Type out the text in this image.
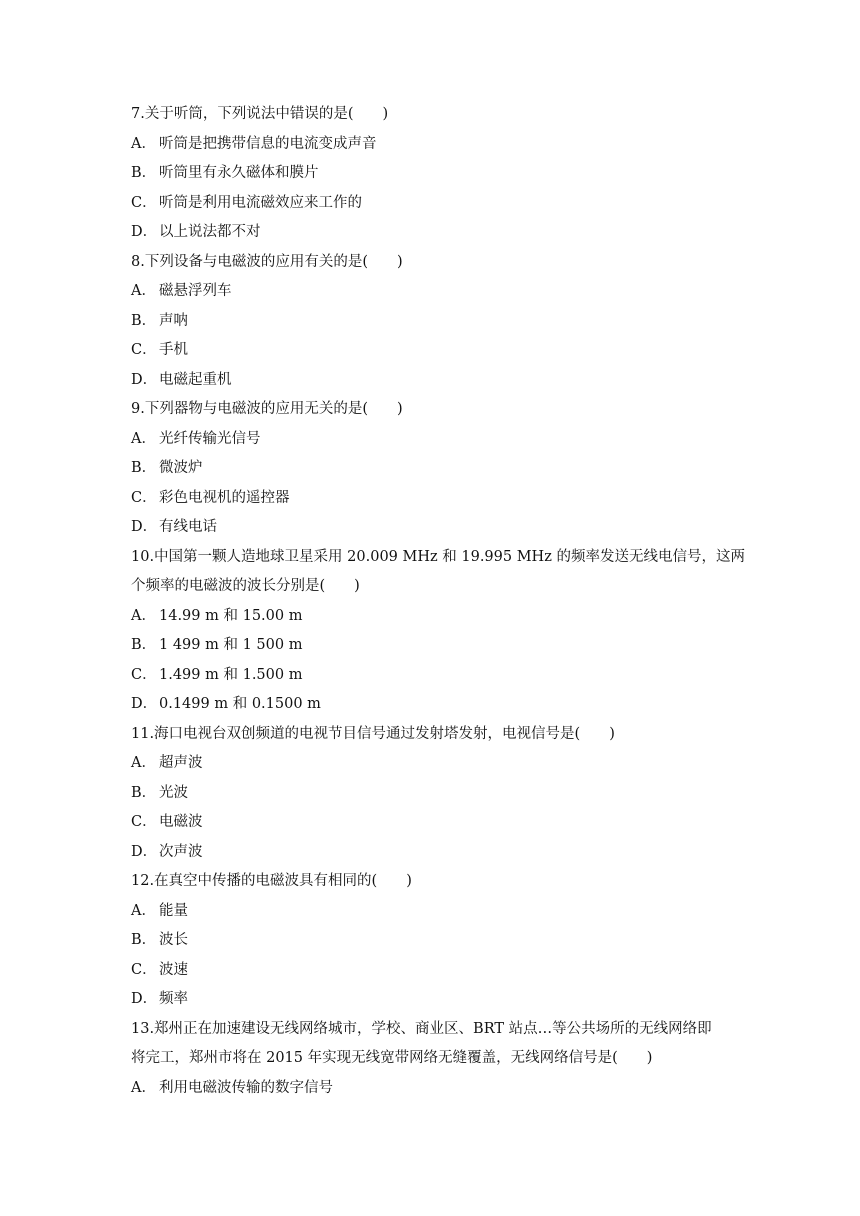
7.关于听筒，下列说法中错误的是(　　)
A． 听筒是把携带信息的电流变成声音
B． 听筒里有永久磁体和膜片
C． 听筒是利用电流磁效应来工作的
D． 以上说法都不对
8.下列设备与电磁波的应用有关的是(　　)
A． 磁悬浮列车
B． 声呐
C． 手机
D． 电磁起重机
9.下列器物与电磁波的应用无关的是(　　)
A． 光纤传输光信号
B． 微波炉
C． 彩色电视机的遥控器
D． 有线电话
10.中国第一颗人造地球卫星采用 20.009 MHz 和 19.995 MHz 的频率发送无线电信号，这两
个频率的电磁波的波长分别是(　　)
A． 14.99 m 和 15.00 m
B． 1 499 m 和 1 500 m
C． 1.499 m 和 1.500 m
D． 0.1499 m 和 0.1500 m
11.海口电视台双创频道的电视节目信号通过发射塔发射，电视信号是(　　)
A． 超声波
B． 光波
C． 电磁波
D． 次声波
12.在真空中传播的电磁波具有相同的(　　)
A． 能量
B． 波长
C． 波速
D． 频率
13.郑州正在加速建设无线网络城市，学校、商业区、BRT 站点…等公共场所的无线网络即
将完工，郑州市将在 2015 年实现无线宽带网络无缝覆盖，无线网络信号是(　　)
A． 利用电磁波传输的数字信号
